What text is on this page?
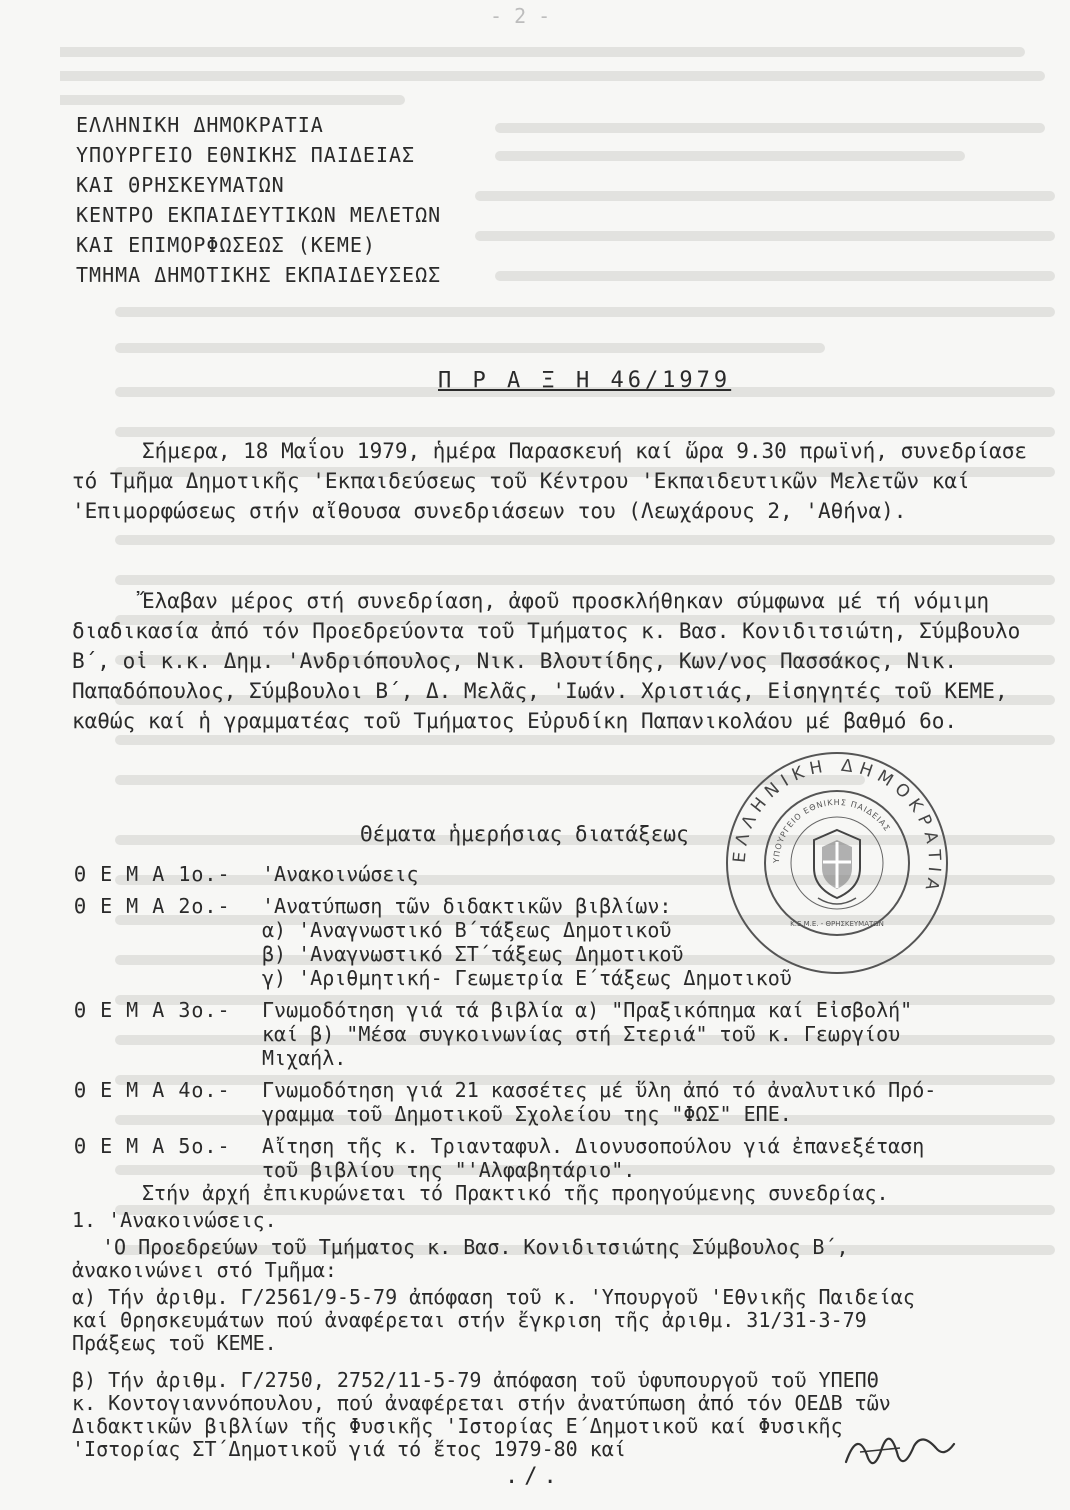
- 2 -
ΕΛΛΗΝΙΚΗ ΔΗΜΟΚΡΑΤΙΑ
ΥΠΟΥΡΓΕΙΟ ΕΘΝΙΚΗΣ ΠΑΙΔΕΙΑΣ
ΚΑΙ ΘΡΗΣΚΕΥΜΑΤΩΝ
ΚΕΝΤΡΟ ΕΚΠΑΙΔΕΥΤΙΚΩΝ ΜΕΛΕΤΩΝ
ΚΑΙ ΕΠΙΜΟΡΦΩΣΕΩΣ (ΚΕΜΕ)
ΤΜΗΜΑ ΔΗΜΟΤΙΚΗΣ ΕΚΠΑΙΔΕΥΣΕΩΣ
Π Ρ Α Ξ Η 46/1979

Σήμερα, 18 Μαΐου 1979, ἡμέρα Παρασκευή καί ὥρα 9.30 πρωϊνή, συνεδρίασε τό Τμῆμα Δημοτικῆς 'Εκπαιδεύσεως τοῦ Κέντρου 'Εκπαιδευτικῶν Μελετῶν καί 'Επιμορφώσεως στήν αἴθουσα συνεδριάσεων του (Λεωχάρους 2, 'Αθήνα).

Ἔλαβαν μέρος στή συνεδρίαση, ἀφοῦ προσκλήθηκαν σύμφωνα μέ τή νόμιμη διαδικασία ἀπό τόν Προεδρεύοντα τοῦ Τμήματος κ. Βασ. Κονιδιτσιώτη, Σύμβουλο Β΄, οἱ κ.κ. Δημ. 'Ανδριόπουλος, Νικ. Βλουτίδης, Κων/νος Πασσάκος, Νικ. Παπαδόπουλος, Σύμβουλοι Β΄, Δ. Μελᾶς, 'Ιωάν. Χριστιάς, Εἰσηγητές τοῦ ΚΕΜΕ, καθώς καί ἡ γραμματέας τοῦ Τμήματος Εὐρυδίκη Παπανικολάου μέ βαθμό 6ο.

Θέματα ἡμερήσιας διατάξεως
ΕΛΛΗΝΙΚΗ ΔΗΜΟΚΡΑΤΙΑ
ΥΠΟΥΡΓΕΙΟ ΕΘΝΙΚΗΣ ΠΑΙΔΕΙΑΣ
Κ.Ε.Μ.Ε. - ΘΡΗΣΚΕΥΜΑΤΩΝ
Θ Ε Μ Α 1ο.-	'Ανακοινώσεις
Θ Ε Μ Α 2ο.-	'Ανατύπωση τῶν διδακτικῶν βιβλίων:
α) 'Αναγνωστικό Β΄τάξεως Δημοτικοῦ
β) 'Αναγνωστικό ΣΤ΄τάξεως Δημοτικοῦ
γ) 'Αριθμητική- Γεωμετρία Ε΄τάξεως Δημοτικοῦ
Θ Ε Μ Α 3ο.-	Γνωμοδότηση γιά τά βιβλία α) "Πραξικόπημα καί Εἰσβολή"
καί β) "Μέσα συγκοινωνίας στή Στεριά" τοῦ κ. Γεωργίου
Μιχαήλ.
Θ Ε Μ Α 4ο.-	Γνωμοδότηση γιά 21 κασσέτες μέ ὕλη ἀπό τό ἀναλυτικό Πρό-
γραμμα τοῦ Δημοτικοῦ Σχολείου της "ΦΩΣ" ΕΠΕ.
Θ Ε Μ Α 5ο.-	Αἴτηση τῆς κ. Τριανταφυλ. Διονυσοπούλου γιά ἐπανεξέταση
τοῦ βιβλίου της "'Αλφαβητάριο".

Στήν ἀρχή ἐπικυρώνεται τό Πρακτικό τῆς προηγούμενης συνεδρίας.

1. 'Ανακοινώσεις.

'Ο Προεδρεύων τοῦ Τμήματος κ. Βασ. Κονιδιτσιώτης Σύμβουλος Β΄,

ἀνακοινώνει στό Τμῆμα:

α) Τήν ἀριθμ. Γ/2561/9-5-79 ἀπόφαση τοῦ κ. 'Υπουργοῦ 'Εθνικῆς Παιδείας

καί Θρησκευμάτων πού ἀναφέρεται στήν ἔγκριση τῆς ἀριθμ. 31/31-3-79

Πράξεως τοῦ ΚΕΜΕ.

β) Τήν ἀριθμ. Γ/2750, 2752/11-5-79 ἀπόφαση τοῦ ὑφυπουργοῦ τοῦ ΥΠΕΠΘ

κ. Κοντογιαννόπουλου, πού ἀναφέρεται στήν ἀνατύπωση ἀπό τόν ΟΕΔΒ τῶν

Διδακτικῶν βιβλίων τῆς Φυσικῆς 'Ιστορίας Ε΄Δημοτικοῦ καί Φυσικῆς

'Ιστορίας ΣΤ΄Δημοτικοῦ γιά τό ἔτος 1979-80 καί

./.
